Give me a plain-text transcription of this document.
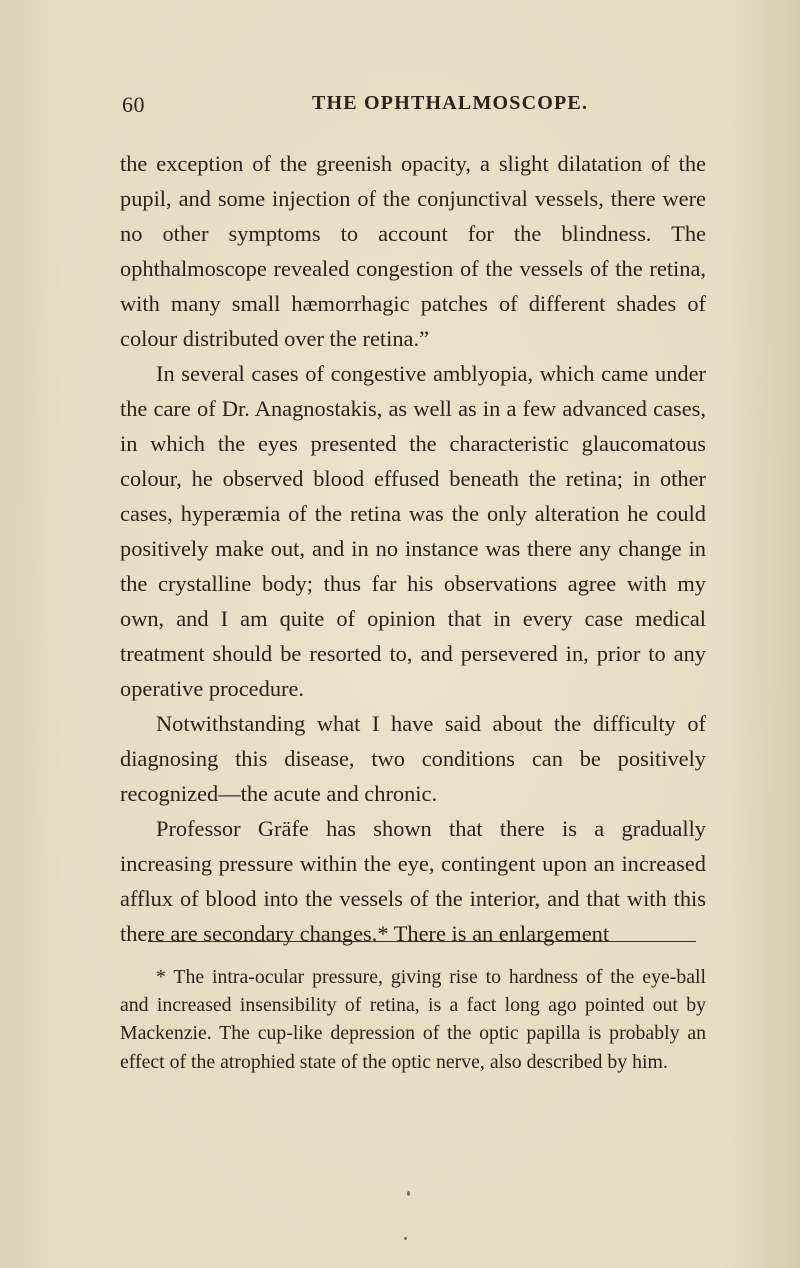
60	THE OPHTHALMOSCOPE.

the exception of the greenish opacity, a slight dilatation of the pupil, and some injection of the conjunctival vessels, there were no other symptoms to account for the blindness. The ophthalmoscope revealed congestion of the vessels of the retina, with many small hæmorrhagic patches of different shades of colour distributed over the retina.”

In several cases of congestive amblyopia, which came under the care of Dr. Anagnostakis, as well as in a few advanced cases, in which the eyes presented the characteristic glaucomatous colour, he observed blood effused beneath the retina; in other cases, hyperæmia of the retina was the only alteration he could positively make out, and in no instance was there any change in the crystalline body; thus far his observations agree with my own, and I am quite of opinion that in every case medical treatment should be resorted to, and persevered in, prior to any operative procedure.

Notwithstanding what I have said about the difficulty of diagnosing this disease, two conditions can be positively recognized—the acute and chronic.

Professor Gräfe has shown that there is a gradually increasing pressure within the eye, contingent upon an increased afflux of blood into the vessels of the interior, and that with this there are secondary changes.* There is an enlargement

* The intra-ocular pressure, giving rise to hardness of the eye-ball and increased insensibility of retina, is a fact long ago pointed out by Mackenzie. The cup-like depression of the optic papilla is probably an effect of the atrophied state of the optic nerve, also described by him.
